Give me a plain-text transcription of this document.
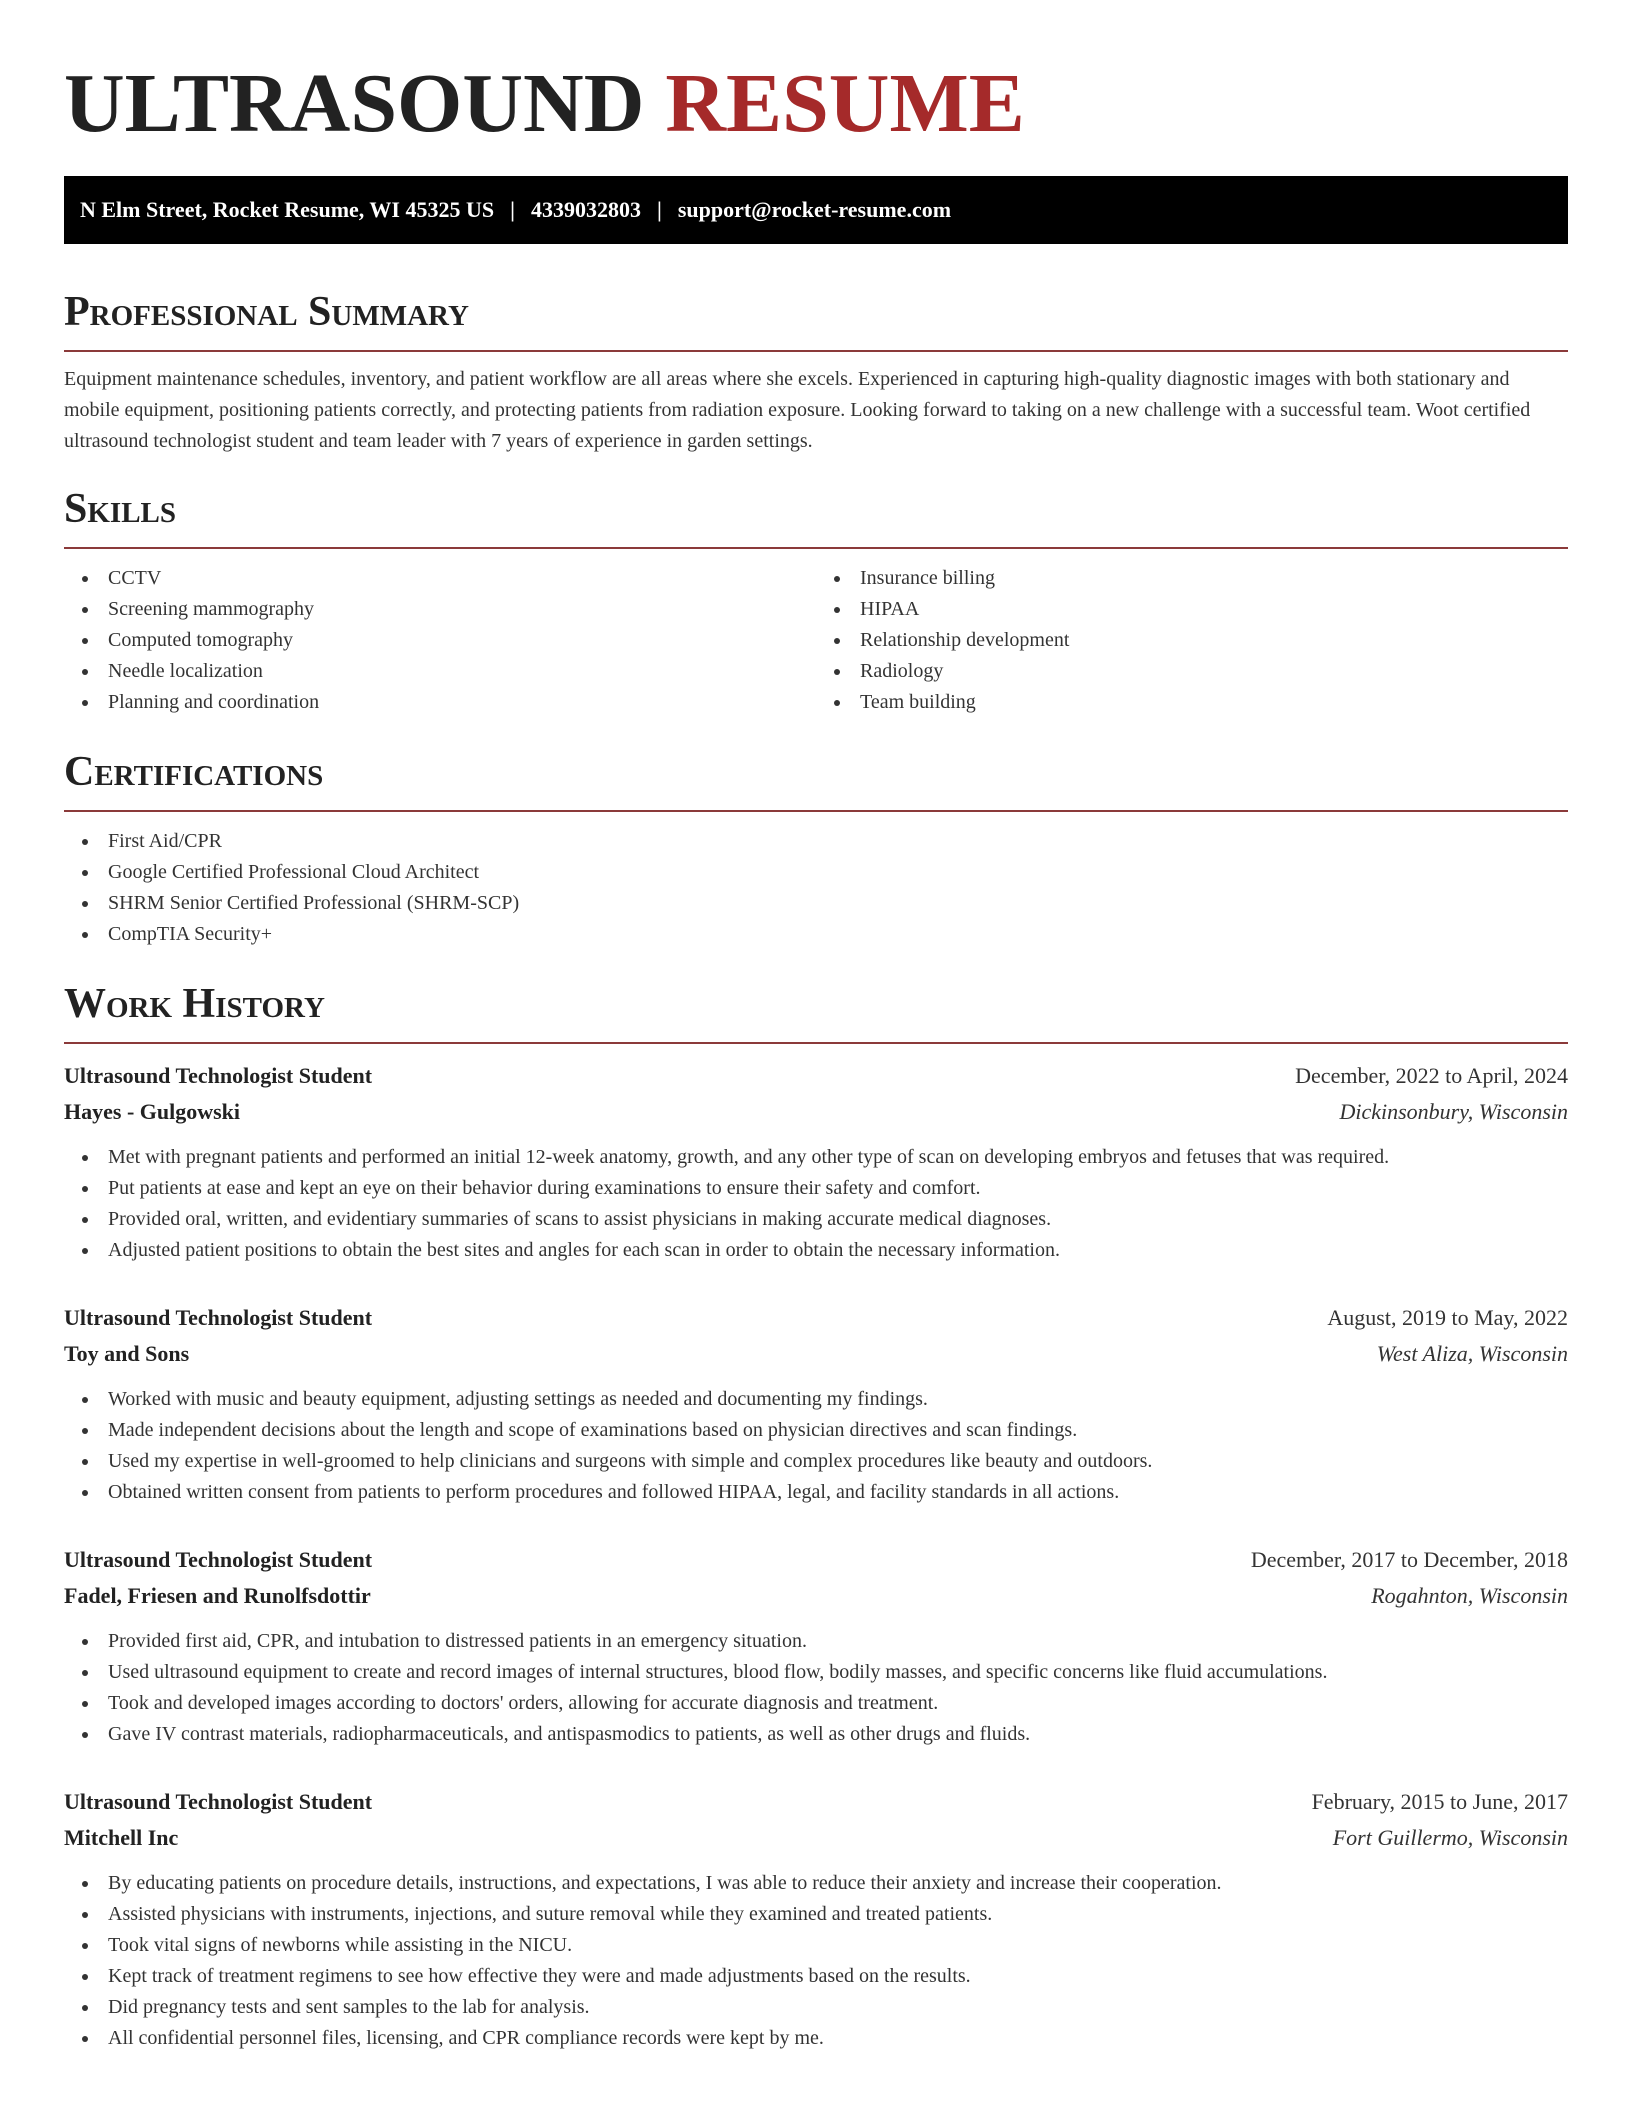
ULTRASOUND RESUME
N Elm Street, Rocket Resume, WI 45325 US | 4339032803 | support@rocket-resume.com
Professional Summary

Equipment maintenance schedules, inventory, and patient workflow are all areas where she excels. Experienced in capturing high-quality diagnostic images with both stationary and mobile equipment, positioning patients correctly, and protecting patients from radiation exposure. Looking forward to taking on a new challenge with a successful team. Woot certified ultrasound technologist student and team leader with 7 years of experience in garden settings.

Skills
CCTV
Screening mammography
Computed tomography
Needle localization
Planning and coordination
Insurance billing
HIPAA
Relationship development
Radiology
Team building
Certifications
First Aid/CPR
Google Certified Professional Cloud Architect
SHRM Senior Certified Professional (SHRM-SCP)
CompTIA Security+
Work History
Ultrasound Technologist Student	December, 2022 to April, 2024
Hayes - Gulgowski	Dickinsonbury, Wisconsin
Met with pregnant patients and performed an initial 12-week anatomy, growth, and any other type of scan on developing embryos and fetuses that was required.
Put patients at ease and kept an eye on their behavior during examinations to ensure their safety and comfort.
Provided oral, written, and evidentiary summaries of scans to assist physicians in making accurate medical diagnoses.
Adjusted patient positions to obtain the best sites and angles for each scan in order to obtain the necessary information.
Ultrasound Technologist Student	August, 2019 to May, 2022
Toy and Sons	West Aliza, Wisconsin
Worked with music and beauty equipment, adjusting settings as needed and documenting my findings.
Made independent decisions about the length and scope of examinations based on physician directives and scan findings.
Used my expertise in well-groomed to help clinicians and surgeons with simple and complex procedures like beauty and outdoors.
Obtained written consent from patients to perform procedures and followed HIPAA, legal, and facility standards in all actions.
Ultrasound Technologist Student	December, 2017 to December, 2018
Fadel, Friesen and Runolfsdottir	Rogahnton, Wisconsin
Provided first aid, CPR, and intubation to distressed patients in an emergency situation.
Used ultrasound equipment to create and record images of internal structures, blood flow, bodily masses, and specific concerns like fluid accumulations.
Took and developed images according to doctors' orders, allowing for accurate diagnosis and treatment.
Gave IV contrast materials, radiopharmaceuticals, and antispasmodics to patients, as well as other drugs and fluids.
Ultrasound Technologist Student	February, 2015 to June, 2017
Mitchell Inc	Fort Guillermo, Wisconsin
By educating patients on procedure details, instructions, and expectations, I was able to reduce their anxiety and increase their cooperation.
Assisted physicians with instruments, injections, and suture removal while they examined and treated patients.
Took vital signs of newborns while assisting in the NICU.
Kept track of treatment regimens to see how effective they were and made adjustments based on the results.
Did pregnancy tests and sent samples to the lab for analysis.
All confidential personnel files, licensing, and CPR compliance records were kept by me.
